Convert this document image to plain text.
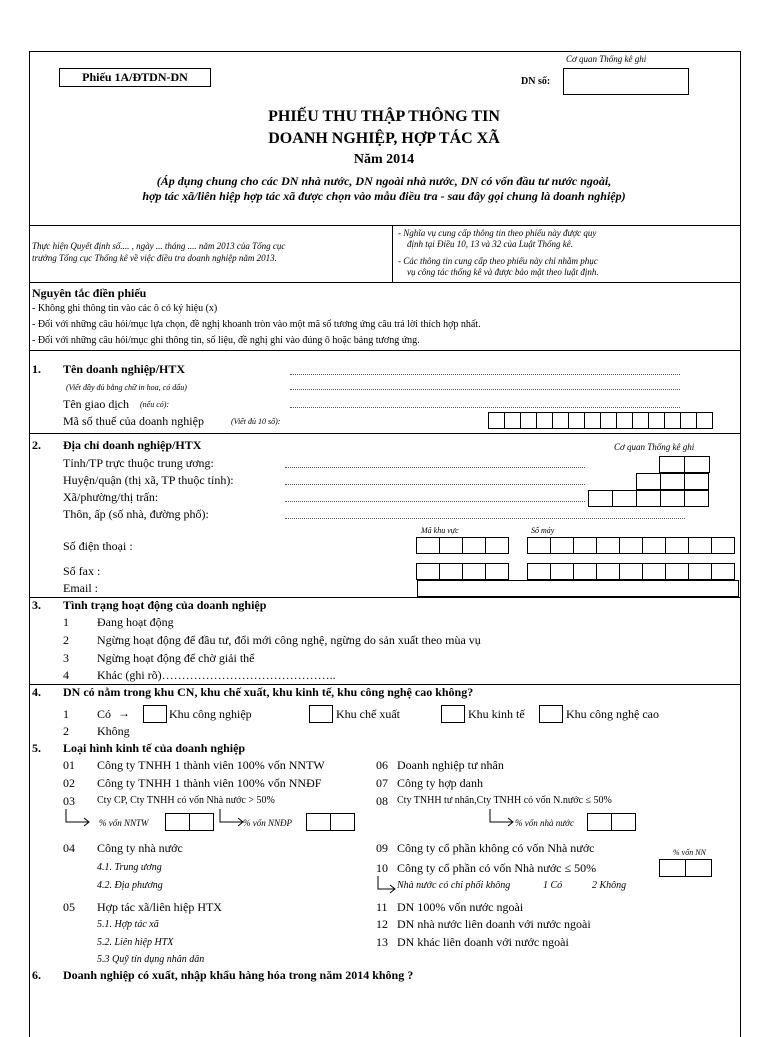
Cơ quan Thống kê ghi
Phiếu 1A/ĐTDN-DN	DN số:
PHIẾU THU THẬP THÔNG TIN
DOANH NGHIỆP, HỢP TÁC XÃ
Năm 2014
(Áp dụng chung cho các DN nhà nước, DN ngoài nhà nước, DN có vốn đầu tư nước ngoài,
hợp tác xã/liên hiệp hợp tác xã được chọn vào mẫu điều tra - sau đây gọi chung là doanh nghiệp)
Thực hiện Quyết định số.... , ngày ... tháng .... năm 2013 của Tổng cục
trưởng Tổng cục Thống kê về việc điều tra doanh nghiệp năm 2013.
- Nghĩa vụ cung cấp thông tin theo phiếu này được quy
định tại Điều 10, 13 và 32 của Luật Thống kê.
- Các thông tin cung cấp theo phiếu này chỉ nhằm phục
vụ công tác thống kê và được bảo mật theo luật định.
Nguyên tắc điền phiếu
- Không ghi thông tin vào các ô có ký hiệu (x)
- Đối với những câu hỏi/mục lựa chọn, đề nghị khoanh tròn vào một mã số tương ứng câu trả lời thích hợp nhất.
- Đối với những câu hỏi/mục ghi thông tin, số liệu, đề nghị ghi vào đúng ô hoặc bảng tương ứng.
1. Tên doanh nghiệp/HTX
(Viết đầy đủ bằng chữ in hoa, có dấu)
Tên giao dịch (nếu có):
Mã số thuế của doanh nghiệp	(Viết đủ 10 số):
2. Địa chỉ doanh nghiệp/HTX	Cơ quan Thống kê ghi
Tỉnh/TP trực thuộc trung ương:
Huyện/quận (thị xã, TP thuộc tỉnh):
Xã/phường/thị trấn:
Thôn, ấp (số nhà, đường phố):
Mã khu vực	Số máy
Số điện thoại :
Số fax :
Email :
3. Tình trạng hoạt động của doanh nghiệp
1 Đang hoạt động
2 Ngừng hoạt động để đầu tư, đổi mới công nghệ, ngừng do sản xuất theo mùa vụ
3 Ngừng hoạt động để chờ giải thể
4 Khác (ghi rõ)……………………………………..
4. DN có nằm trong khu CN, khu chế xuất, khu kinh tế, khu công nghệ cao không?
1 Có →	Khu công nghiệp	Khu chế xuất	Khu kinh tế	Khu công nghệ cao
2 Không
5. Loại hình kinh tế của doanh nghiệp
01 Công ty TNHH 1 thành viên 100% vốn NNTW
02 Công ty TNHH 1 thành viên 100% vốn NNĐF
03 Cty CP, Cty TNHH có vốn Nhà nước > 50%
06 Doanh nghiệp tư nhân
07 Công ty hợp danh
08 Cty TNHH tư nhân,Cty TNHH có vốn N.nước ≤ 50%
% vốn NNTW	% vốn NNĐP	% vốn nhà nước
04 Công ty nhà nước
4.1. Trung ương
4.2. Địa phương
09 Công ty cổ phần không có vốn Nhà nước
10 Công ty cổ phần có vốn Nhà nước ≤ 50%
% vốn NN
Nhà nước có chi phối không	1 Có	2 Không
05 Hợp tác xã/liên hiệp HTX
5.1. Hợp tác xã
5.2. Liên hiệp HTX
5.3 Quỹ tín dụng nhân dân
11 DN 100% vốn nước ngoài
12 DN nhà nước liên doanh với nước ngoài
13 DN khác liên doanh với nước ngoài
6. Doanh nghiệp có xuất, nhập khẩu hàng hóa trong năm 2014 không ?
